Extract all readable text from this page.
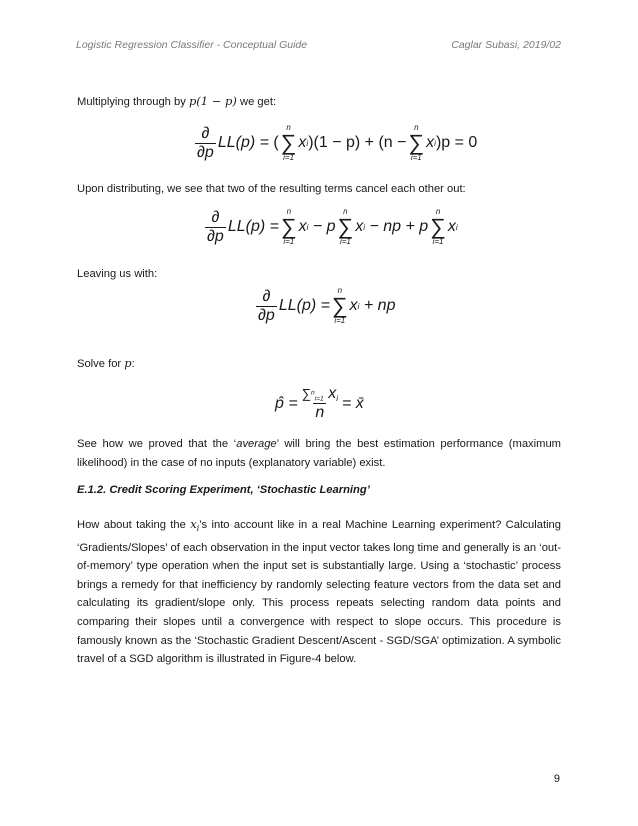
Logistic Regression Classifier - Conceptual Guide	Caglar Subasi, 2019/02
Multiplying through by p(1 − p) we get:
$\frac{\partial}{\partial p} LL(p)$ =
(
n
∑
i=1
x i )(1 − p) + (n −
n
∑
i=1
x i )p = 0
Upon distributing, we see that two of the resulting terms cancel each other out:
$\frac{\partial}{\partial p} LL(p)$ =
n
∑
i=1
x i
− p
n
∑
i=1
x i
− np + p
n
∑
i=1
x i
Leaving us with:
$\frac{\partial}{\partial p} LL(p)$ =
n
∑
i=1
x i
+ np
Solve for p:
p̂ = $\frac{\sum^n_{i=1} x_i}{n}$ = x̄
See how we proved that the ‘average’ will bring the best estimation performance (maximum likelihood) in the case of no inputs (explanatory variable) exist.
E.1.2. Credit Scoring Experiment, ‘Stochastic Learning’
How about taking the $x_i’s$ into account like in a real Machine Learning experiment? Calculating ‘Gradients/Slopes’ of each observation in the input vector takes long time and generally is an ‘out-of-memory’ type operation when the input set is substantially large. Using a ‘stochastic’ process brings a remedy for that inefficiency by randomly selecting feature vectors from the data set and calculating its gradient/slope only. This process repeats selecting random data points and comparing their slopes until a convergence with respect to slope occurs. This procedure is famously known as the ‘Stochastic Gradient Descent/Ascent - SGD/SGA’ optimization. A symbolic travel of a SGD algorithm is illustrated in Figure-4 below.
9
